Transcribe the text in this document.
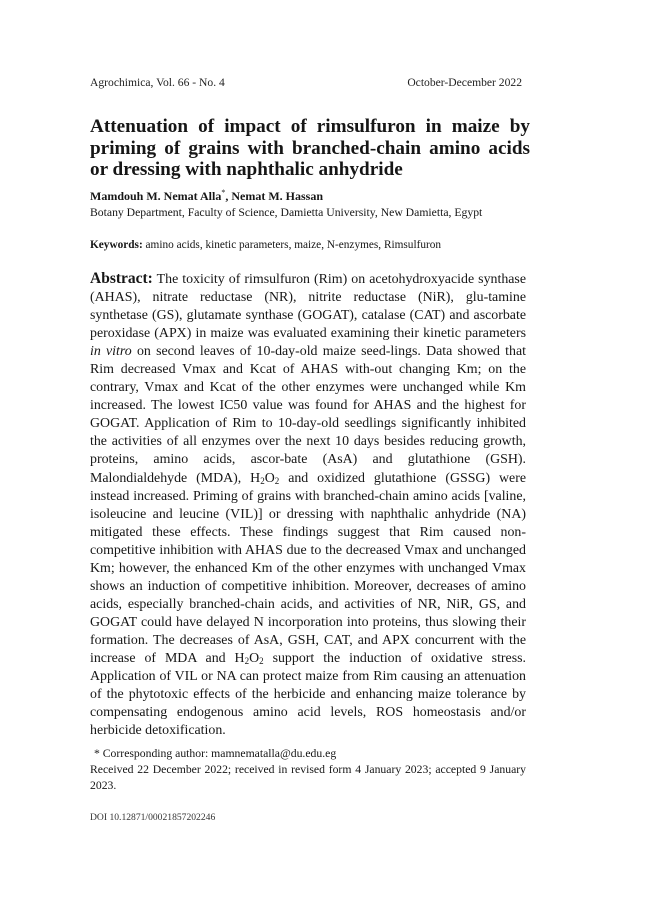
Agrochimica, Vol. 66 - No. 4	October-December 2022
Attenuation of impact of rimsulfuron in maize by priming of grains with branched-chain amino acids or dressing with naphthalic anhydride
Mamdouh M. Nemat Alla*, Nemat M. Hassan
Botany Department, Faculty of Science, Damietta University, New Damietta, Egypt
Keywords: amino acids, kinetic parameters, maize, N-enzymes, Rimsulfuron
Abstract: The toxicity of rimsulfuron (Rim) on acetohydroxyacide synthase (AHAS), nitrate reductase (NR), nitrite reductase (NiR), glu-tamine synthetase (GS), glutamate synthase (GOGAT), catalase (CAT) and ascorbate peroxidase (APX) in maize was evaluated examining their kinetic parameters in vitro on second leaves of 10-day-old maize seed-lings. Data showed that Rim decreased Vmax and Kcat of AHAS with-out changing Km; on the contrary, Vmax and Kcat of the other enzymes were unchanged while Km increased. The lowest IC50 value was found for AHAS and the highest for GOGAT. Application of Rim to 10-day-old seedlings significantly inhibited the activities of all enzymes over the next 10 days besides reducing growth, proteins, amino acids, ascor-bate (AsA) and glutathione (GSH). Malondialdehyde (MDA), $H_2O_2$ and oxidized glutathione (GSSG) were instead increased. Priming of grains with branched-chain amino acids [valine, isoleucine and leucine (VIL)] or dressing with naphthalic anhydride (NA) mitigated these effects. These findings suggest that Rim caused non-competitive inhibition with AHAS due to the decreased Vmax and unchanged Km; however, the enhanced Km of the other enzymes with unchanged Vmax shows an induction of competitive inhibition. Moreover, decreases of amino acids, especially branched-chain acids, and activities of NR, NiR, GS, and GOGAT could have delayed N incorporation into proteins, thus slowing their formation. The decreases of AsA, GSH, CAT, and APX concurrent with the increase of MDA and $H_2O_2$ support the induction of oxidative stress. Application of VIL or NA can protect maize from Rim causing an attenuation of the phytotoxic effects of the herbicide and enhancing maize tolerance by compensating endogenous amino acid levels, ROS homeostasis and/or herbicide detoxification.
* Corresponding author: mamnematalla@du.edu.eg
Received 22 December 2022; received in revised form 4 January 2023; accepted 9 January 2023.
DOI 10.12871/00021857202246
